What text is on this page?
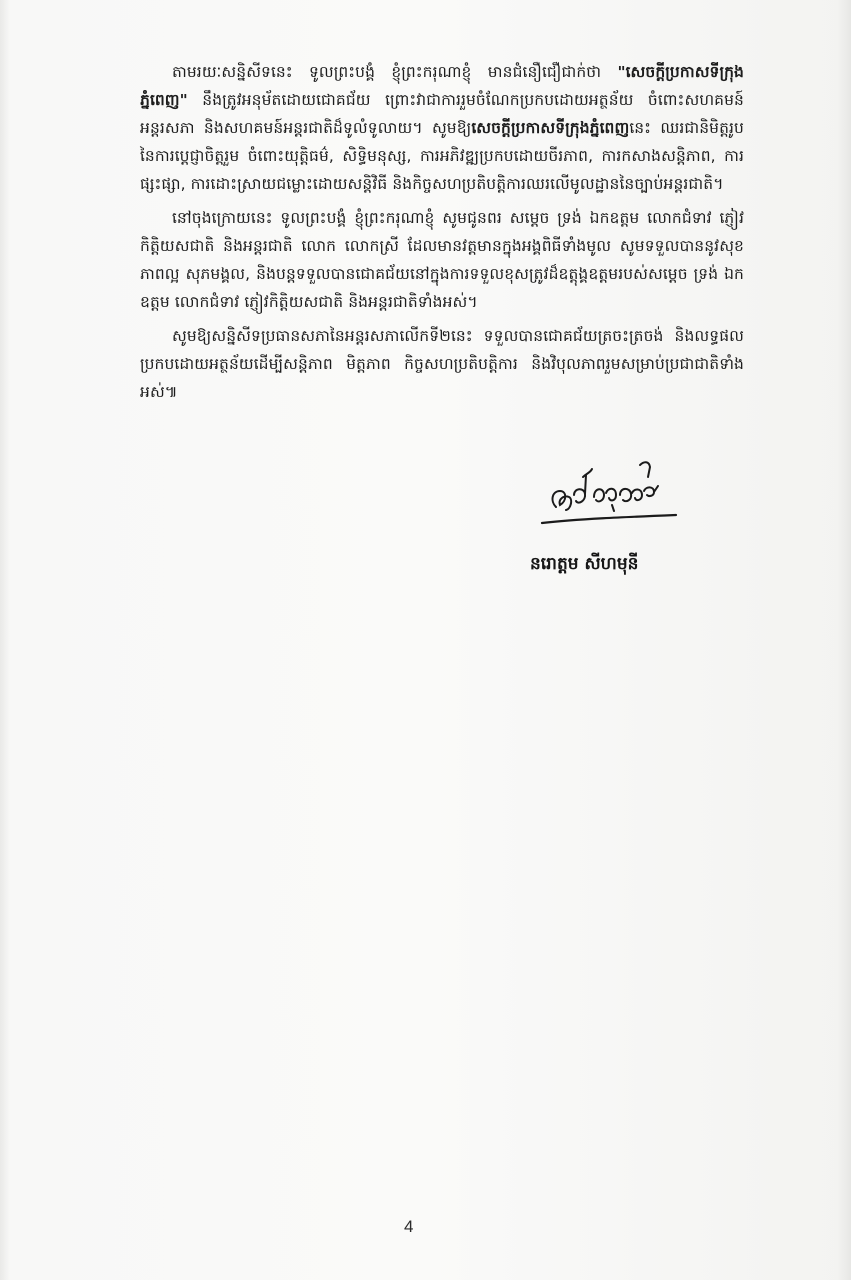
តាមរយៈសន្និសីទនេះ ទូលព្រះបង្គំ ខ្ញុំព្រះករុណាខ្ញុំ មានជំនឿជឿជាក់ថា "សេចក្តីប្រកាសទីក្រុងភ្នំពេញ" នឹងត្រូវអនុម័តដោយជោគជ័យ ព្រោះវាជាការរួមចំណែកប្រកបដោយអត្ថន័យ ចំពោះសហគមន៍អន្តរសភា និងសហគមន៍អន្តរជាតិដ៏ទូលំទូលាយ។ សូមឱ្យសេចក្តីប្រកាសទីក្រុងភ្នំពេញនេះ ឈរជានិមិត្តរូបនៃការប្តេជ្ញាចិត្តរួម ចំពោះយុត្តិធម៌, សិទ្ធិមនុស្ស, ការអភិវឌ្ឍប្រកបដោយចីរភាព, ការកសាងសន្តិភាព, ការផ្សះផ្សា, ការដោះស្រាយជម្លោះដោយសន្តិវិធី និងកិច្ចសហប្រតិបត្តិការឈរលើមូលដ្ឋាននៃច្បាប់អន្តរជាតិ។

នៅចុងក្រោយនេះ ទូលព្រះបង្គំ ខ្ញុំព្រះករុណាខ្ញុំ សូមជូនពរ សម្តេច ទ្រង់ ឯកឧត្តម លោកជំទាវ ភ្ញៀវកិត្តិយសជាតិ និងអន្តរជាតិ លោក លោកស្រី ដែលមានវត្តមានក្នុងអង្គពិធីទាំងមូល សូមទទួលបាននូវសុខភាពល្អ សុភមង្គល, និងបន្តទទួលបានជោគជ័យនៅក្នុងការទទួលខុសត្រូវដ៏ឧត្តុង្គឧត្តមរបស់សម្តេច ទ្រង់ ឯកឧត្តម លោកជំទាវ ភ្ញៀវកិត្តិយសជាតិ និងអន្តរជាតិទាំងអស់។

សូមឱ្យសន្និសីទប្រធានសភានៃអន្តរសភាលើកទី២នេះ ទទួលបានជោគជ័យត្រចះត្រចង់ និងលទ្ធផលប្រកបដោយអត្ថន័យដើម្បីសន្តិភាព មិត្តភាព កិច្ចសហប្រតិបត្តិការ និងវិបុលភាពរួមសម្រាប់ប្រជាជាតិទាំងអស់៕

នរោត្តម សីហមុនី
4
